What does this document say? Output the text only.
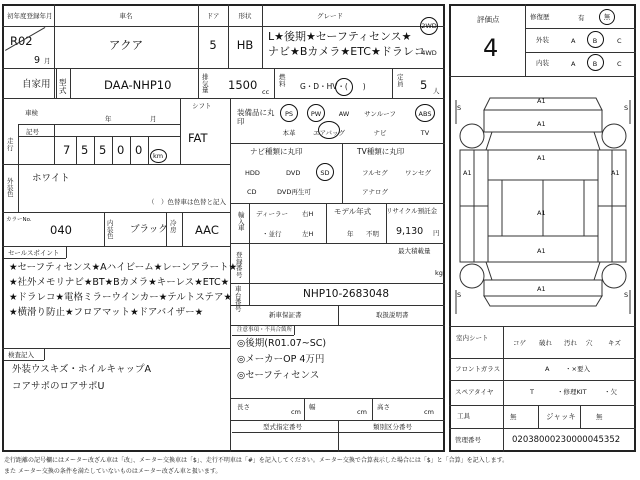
初年度登録年月	車名	ドア	形状	グレード
R02
9 月
アクア	5 HB
L★後期★セーフティセンス★
ナビ★Bカメラ★ETC★ドラレコ
2WD
4WD
自家用 型式	DAA-NHP10
排気量 1500 cc
燃料 G・D・HV・(　　)
定員 5 人
シフト
FAT
車検
年	月
走行
記号
7 5 5 0 0 km
外装色
ホワイト
（　）色替車は色替と記入
カラーNo.
040	内装色
ブラック
冷房 AAC
セールスポイント
★セーフティセンス★Aハイビーム★レーンアラート★
★社外メモリナビ★BT★Bカメラ★キーレス★ETC★
★ドラレコ★電格ミラーウインカー★テルトステア★
★横滑り防止★フロアマット★ドアバイザー★
検査記入
外装ウスキズ・ホイルキャップA
コアサポのロアサポU
装備品に丸印
PS	PW	AW サンルーフ	ABS
本革	エアバッグ	ナビ	TV
ナビ種類に丸印	TV種類に丸印
HDD	DVD	SD
CD	DVD再生可
フルセグ	ワンセグ
アナログ
輸入車
ディーラー
・並行
右H
左H
モデル年式
年 不明
リサイクル預託金
9,130 円
登録番号
最大積載量
kg
車台番号
NHP10-2683048
新車保証書	取扱説明書
注意事項・不具合箇所
◎後期(R01.07~SC)
◎メーカーOP 4万円
◎セーフティセンス
長さ
cm
幅
cm
高さ
cm
型式指定番号	類別区分番号
評価点
4
修復歴	有	無
外装	A	B	C
内装	A	B	C
S	S
S	S
A1
A1
A1
A1
A1
A1	A1
A1
室内シート
コゲ 破れ 汚れ 穴 キズ
フロントガラス	A ・×要入
スペアタイヤ	T	・修理KIT	・欠
工具	無	ジャッキ	無
管理番号	02038000230000045352
走行距離の記号欄にはメーター改ざん車は「改」、メーター交換車は「$」、走行不明車は「#」を記入してください。メーター交換で合算表示した場合には「$」と「合算」を記入します。
また メーター交換の条件を満たしていないものはメーター改ざん車と扱います。
